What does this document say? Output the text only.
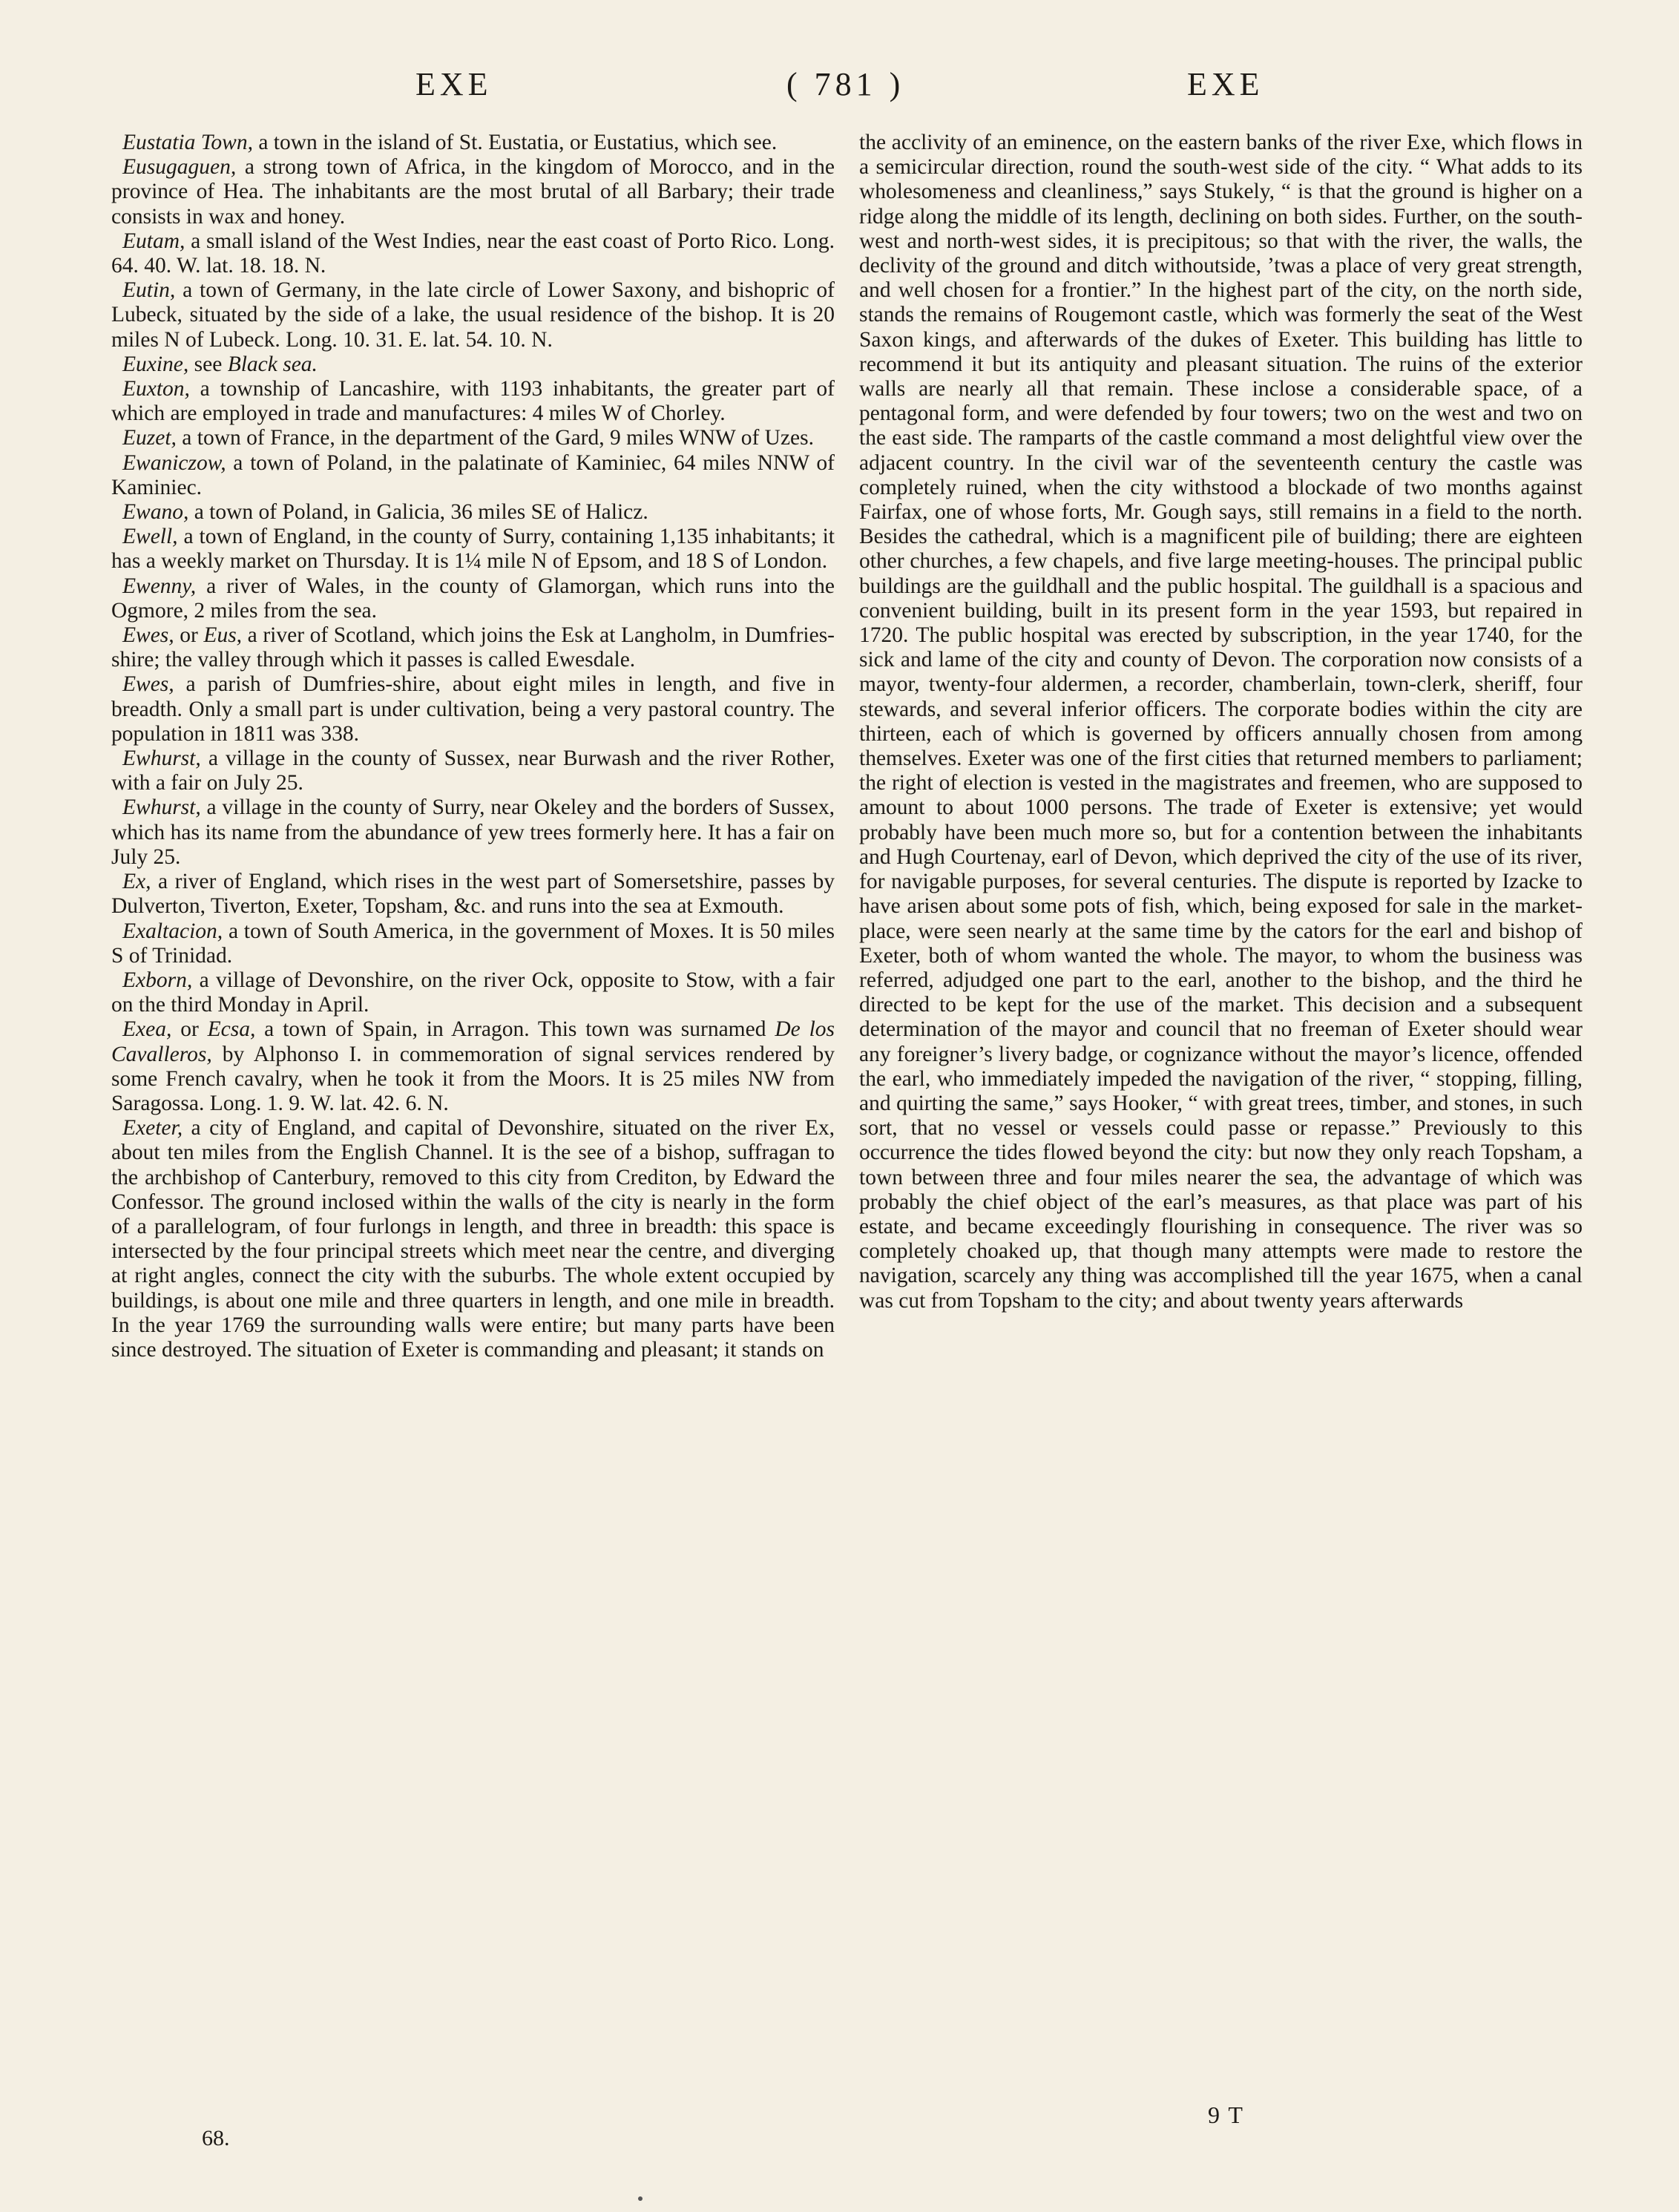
EXE	( 781 )	EXE

Eustatia Town, a town in the island of St. Eustatia, or Eustatius, which see.

Eusugaguen, a strong town of Africa, in the kingdom of Morocco, and in the province of Hea. The inhabitants are the most brutal of all Barbary; their trade consists in wax and honey.

Eutam, a small island of the West Indies, near the east coast of Porto Rico. Long. 64. 40. W. lat. 18. 18. N.

Eutin, a town of Germany, in the late circle of Lower Saxony, and bishopric of Lubeck, situated by the side of a lake, the usual residence of the bishop. It is 20 miles N of Lubeck. Long. 10. 31. E. lat. 54. 10. N.

Euxine, see Black sea.

Euxton, a township of Lancashire, with 1193 inhabitants, the greater part of which are employed in trade and manufactures: 4 miles W of Chorley.

Euzet, a town of France, in the department of the Gard, 9 miles WNW of Uzes.

Ewaniczow, a town of Poland, in the palatinate of Kaminiec, 64 miles NNW of Kaminiec.

Ewano, a town of Poland, in Galicia, 36 miles SE of Halicz.

Ewell, a town of England, in the county of Surry, containing 1,135 inhabitants; it has a weekly market on Thursday. It is 1¼ mile N of Epsom, and 18 S of London.

Ewenny, a river of Wales, in the county of Glamorgan, which runs into the Ogmore, 2 miles from the sea.

Ewes, or Eus, a river of Scotland, which joins the Esk at Langholm, in Dumfries-shire; the valley through which it passes is called Ewesdale.

Ewes, a parish of Dumfries-shire, about eight miles in length, and five in breadth. Only a small part is under cultivation, being a very pastoral country. The population in 1811 was 338.

Ewhurst, a village in the county of Sussex, near Burwash and the river Rother, with a fair on July 25.

Ewhurst, a village in the county of Surry, near Okeley and the borders of Sussex, which has its name from the abundance of yew trees formerly here. It has a fair on July 25.

Ex, a river of England, which rises in the west part of Somersetshire, passes by Dulverton, Tiverton, Exeter, Topsham, &c. and runs into the sea at Exmouth.

Exaltacion, a town of South America, in the government of Moxes. It is 50 miles S of Trinidad.

Exborn, a village of Devonshire, on the river Ock, opposite to Stow, with a fair on the third Monday in April.

Exea, or Ecsa, a town of Spain, in Arragon. This town was surnamed De los Cavalleros, by Alphonso I. in commemoration of signal services rendered by some French cavalry, when he took it from the Moors. It is 25 miles NW from Saragossa. Long. 1. 9. W. lat. 42. 6. N.

Exeter, a city of England, and capital of Devonshire, situated on the river Ex, about ten miles from the English Channel. It is the see of a bishop, suffragan to the archbishop of Canterbury, removed to this city from Crediton, by Edward the Confessor. The ground inclosed within the walls of the city is nearly in the form of a parallelogram, of four furlongs in length, and three in breadth: this space is intersected by the four principal streets which meet near the centre, and diverging at right angles, connect the city with the suburbs. The whole extent occupied by buildings, is about one mile and three quarters in length, and one mile in breadth. In the year 1769 the surrounding walls were entire; but many parts have been since destroyed. The situation of Exeter is commanding and pleasant; it stands on

the acclivity of an eminence, on the eastern banks of the river Exe, which flows in a semicircular direction, round the south-west side of the city. “ What adds to its wholesomeness and cleanliness,” says Stukely, “ is that the ground is higher on a ridge along the middle of its length, declining on both sides. Further, on the south-west and north-west sides, it is precipitous; so that with the river, the walls, the declivity of the ground and ditch withoutside, ’twas a place of very great strength, and well chosen for a frontier.” In the highest part of the city, on the north side, stands the remains of Rougemont castle, which was formerly the seat of the West Saxon kings, and afterwards of the dukes of Exeter. This building has little to recommend it but its antiquity and pleasant situation. The ruins of the exterior walls are nearly all that remain. These inclose a considerable space, of a pentagonal form, and were defended by four towers; two on the west and two on the east side. The ramparts of the castle command a most delightful view over the adjacent country. In the civil war of the seventeenth century the castle was completely ruined, when the city withstood a blockade of two months against Fairfax, one of whose forts, Mr. Gough says, still remains in a field to the north. Besides the cathedral, which is a magnificent pile of building; there are eighteen other churches, a few chapels, and five large meeting-houses. The principal public buildings are the guildhall and the public hospital. The guildhall is a spacious and convenient building, built in its present form in the year 1593, but repaired in 1720. The public hospital was erected by subscription, in the year 1740, for the sick and lame of the city and county of Devon. The corporation now consists of a mayor, twenty-four aldermen, a recorder, chamberlain, town-clerk, sheriff, four stewards, and several inferior officers. The corporate bodies within the city are thirteen, each of which is governed by officers annually chosen from among themselves. Exeter was one of the first cities that returned members to parliament; the right of election is vested in the magistrates and freemen, who are supposed to amount to about 1000 persons. The trade of Exeter is extensive; yet would probably have been much more so, but for a contention between the inhabitants and Hugh Courtenay, earl of Devon, which deprived the city of the use of its river, for navigable purposes, for several centuries. The dispute is reported by Izacke to have arisen about some pots of fish, which, being exposed for sale in the market-place, were seen nearly at the same time by the cators for the earl and bishop of Exeter, both of whom wanted the whole. The mayor, to whom the business was referred, adjudged one part to the earl, another to the bishop, and the third he directed to be kept for the use of the market. This decision and a subsequent determination of the mayor and council that no freeman of Exeter should wear any foreigner’s livery badge, or cognizance without the mayor’s licence, offended the earl, who immediately impeded the navigation of the river, “ stopping, filling, and quirting the same,” says Hooker, “ with great trees, timber, and stones, in such sort, that no vessel or vessels could passe or repasse.” Previously to this occurrence the tides flowed beyond the city: but now they only reach Topsham, a town between three and four miles nearer the sea, the advantage of which was probably the chief object of the earl’s measures, as that place was part of his estate, and became exceedingly flourishing in consequence. The river was so completely choaked up, that though many attempts were made to restore the navigation, scarcely any thing was accomplished till the year 1675, when a canal was cut from Topsham to the city; and about twenty years afterwards

68.
9 T
